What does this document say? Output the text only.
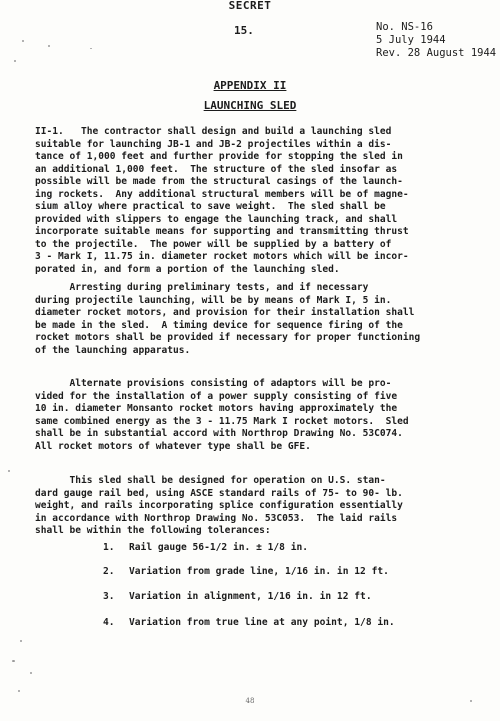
SECRET
15.	No. NS-16
5 July 1944
Rev. 28 August 1944
APPENDIX II
LAUNCHING SLED
II-1.   The contractor shall design and build a launching sled
suitable for launching JB-1 and JB-2 projectiles within a dis-
tance of 1,000 feet and further provide for stopping the sled in
an additional 1,000 feet.  The structure of the sled insofar as
possible will be made from the structural casings of the launch-
ing rockets.  Any additional structural members will be of magne-
sium alloy where practical to save weight.  The sled shall be
provided with slippers to engage the launching track, and shall
incorporate suitable means for supporting and transmitting thrust
to the projectile.  The power will be supplied by a battery of
3 - Mark I, 11.75 in. diameter rocket motors which will be incor-
porated in, and form a portion of the launching sled.
Arresting during preliminary tests, and if necessary
during projectile launching, will be by means of Mark I, 5 in.
diameter rocket motors, and provision for their installation shall
be made in the sled.  A timing device for sequence firing of the
rocket motors shall be provided if necessary for proper functioning
of the launching apparatus.
Alternate provisions consisting of adaptors will be pro-
vided for the installation of a power supply consisting of five
10 in. diameter Monsanto rocket motors having approximately the
same combined energy as the 3 - 11.75 Mark I rocket motors.  Sled
shall be in substantial accord with Northrop Drawing No. 53C074.
All rocket motors of whatever type shall be GFE.
This sled shall be designed for operation on U.S. stan-
dard gauge rail bed, using ASCE standard rails of 75- to 90- lb.
weight, and rails incorporating splice configuration essentially
in accordance with Northrop Drawing No. 53C053.  The laid rails
shall be within the following tolerances:
1. Rail gauge 56-1/2 in. ± 1/8 in.
2. Variation from grade line, 1/16 in. in 12 ft.
3. Variation in alignment, 1/16 in. in 12 ft.
4. Variation from true line at any point, 1/8 in.
48
